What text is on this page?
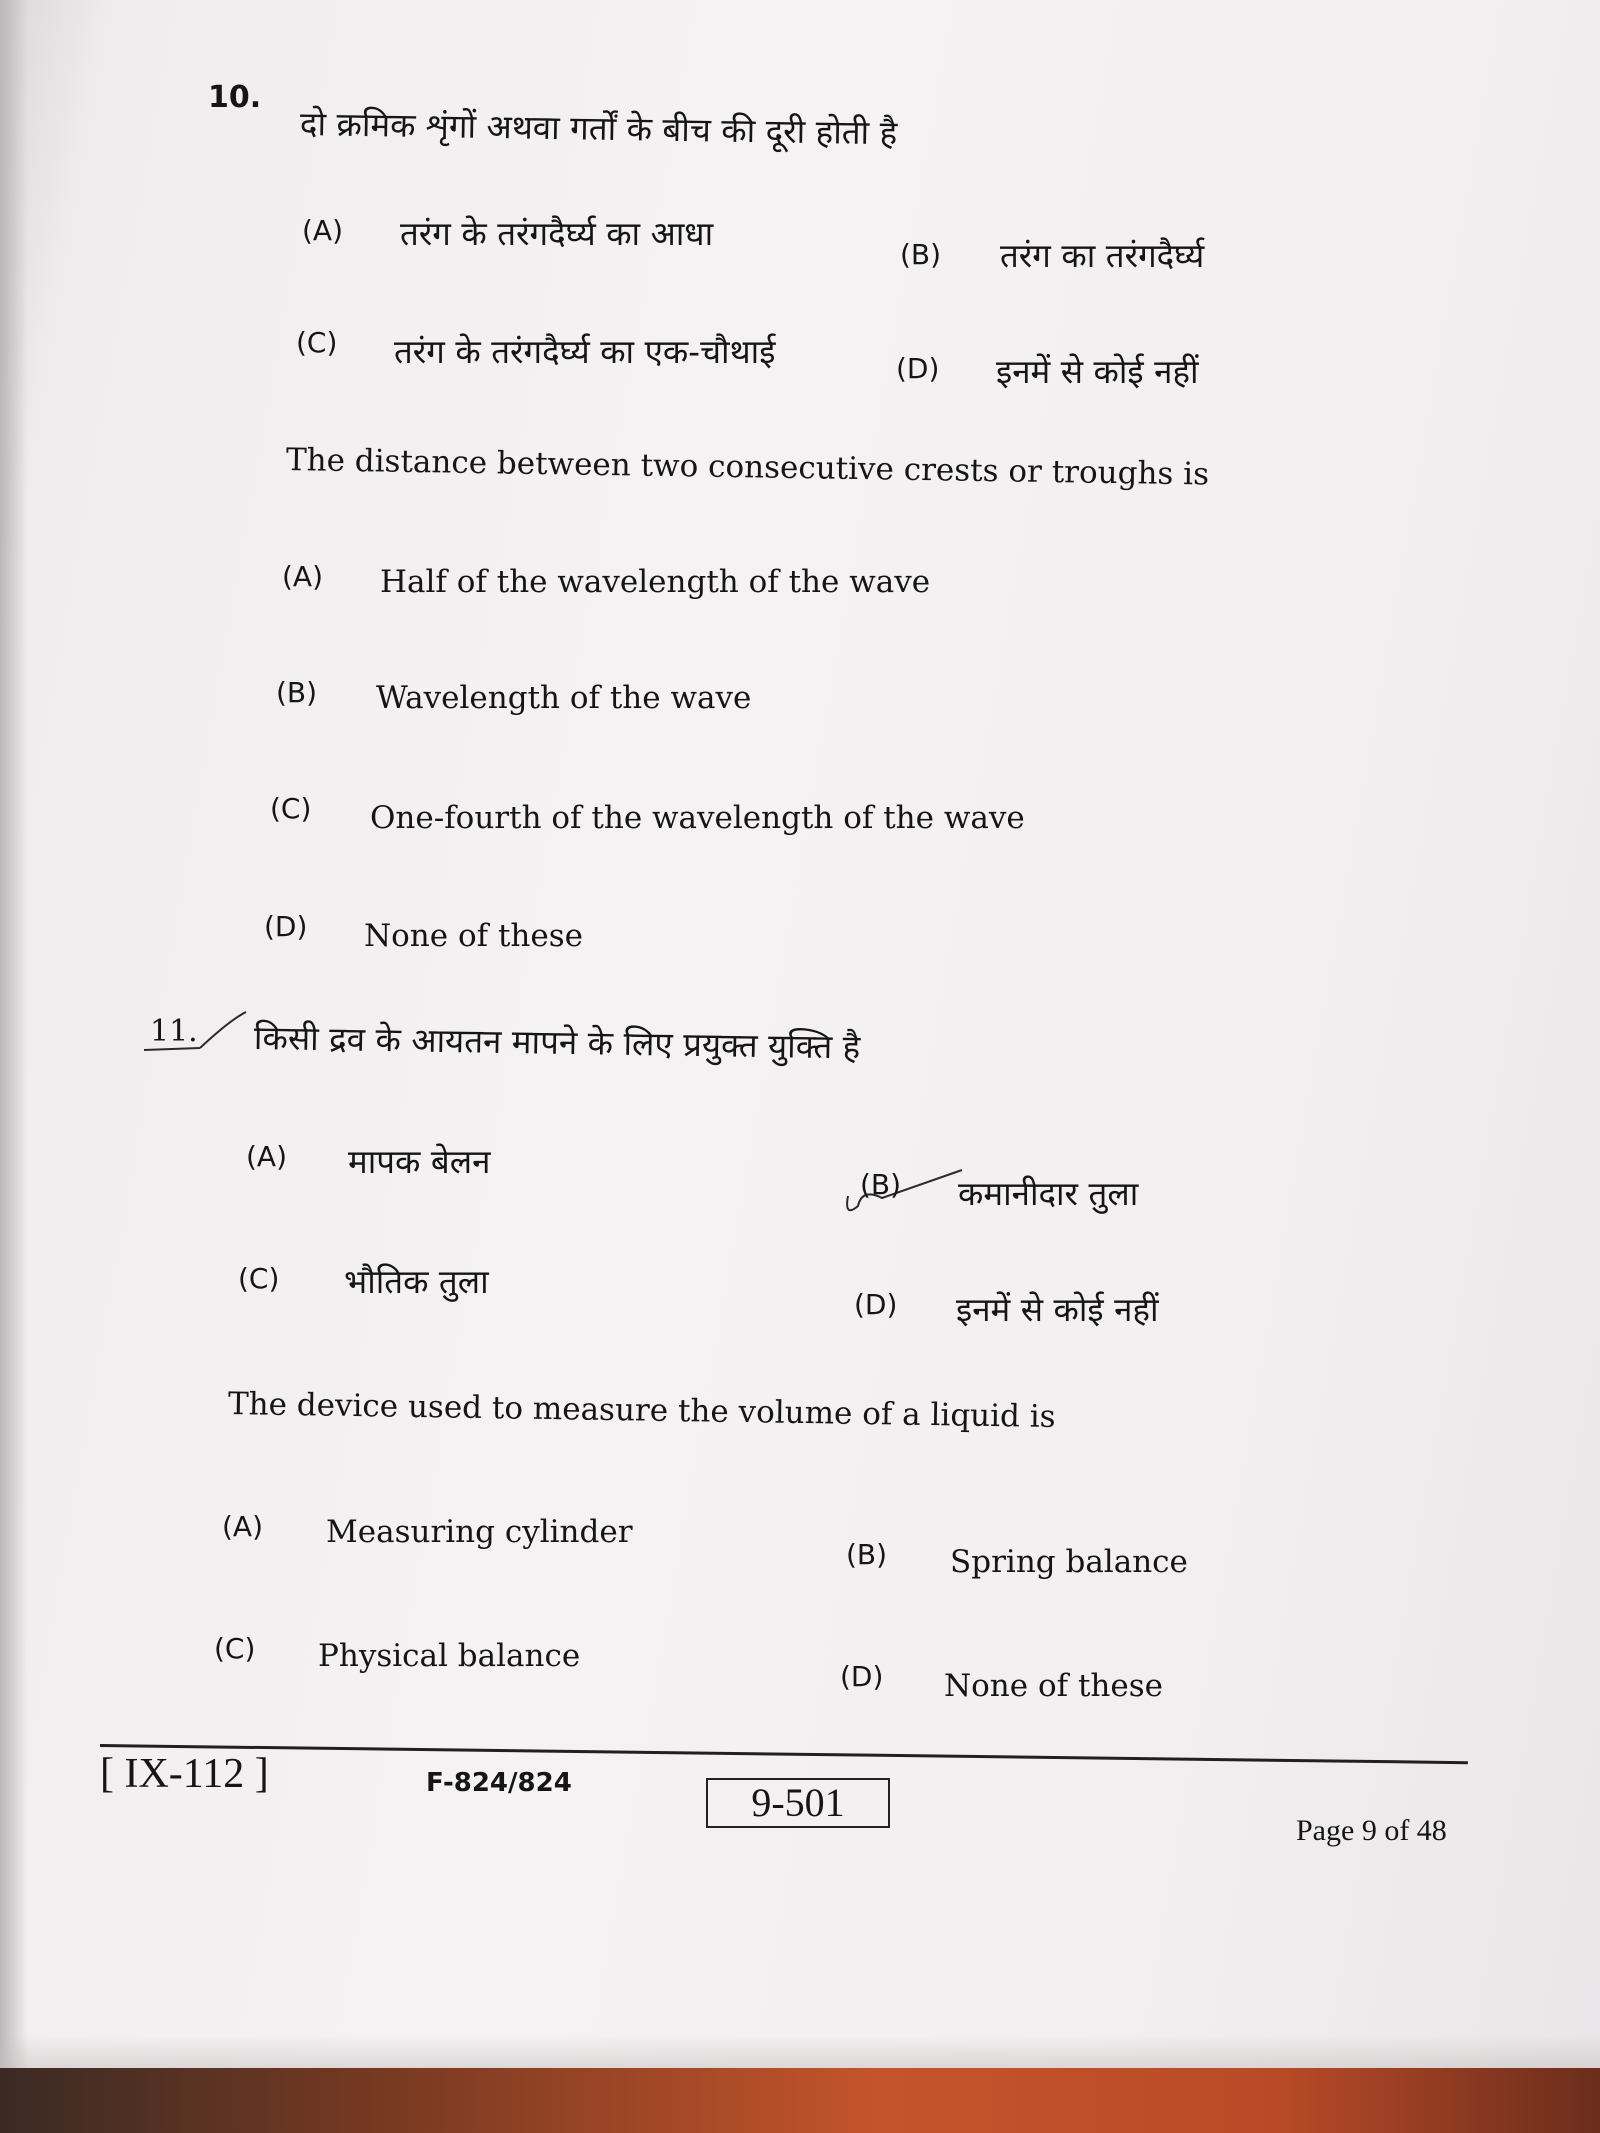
10.
दो क्रमिक शृंगों अथवा गर्तों के बीच की दूरी होती है
(A) तरंग के तरंगदैर्घ्य का आधा
(B) तरंग का तरंगदैर्घ्य
(C) तरंग के तरंगदैर्घ्य का एक-चौथाई	(D) इनमें से कोई नहीं
The distance between two consecutive crests or troughs is
(A) Half of the wavelength of the wave
(B) Wavelength of the wave
(C) One-fourth of the wavelength of the wave
(D) None of these
11. किसी द्रव के आयतन मापने के लिए प्रयुक्त युक्ति है
(A) मापक बेलन
(B) कमानीदार तुला
(C) भौतिक तुला
(D) इनमें से कोई नहीं
The device used to measure the volume of a liquid is
(A) Measuring cylinder
(B) Spring balance
(C) Physical balance
(D) None of these
[ IX-112 ]	F-824/824	9-501
Page 9 of 48
